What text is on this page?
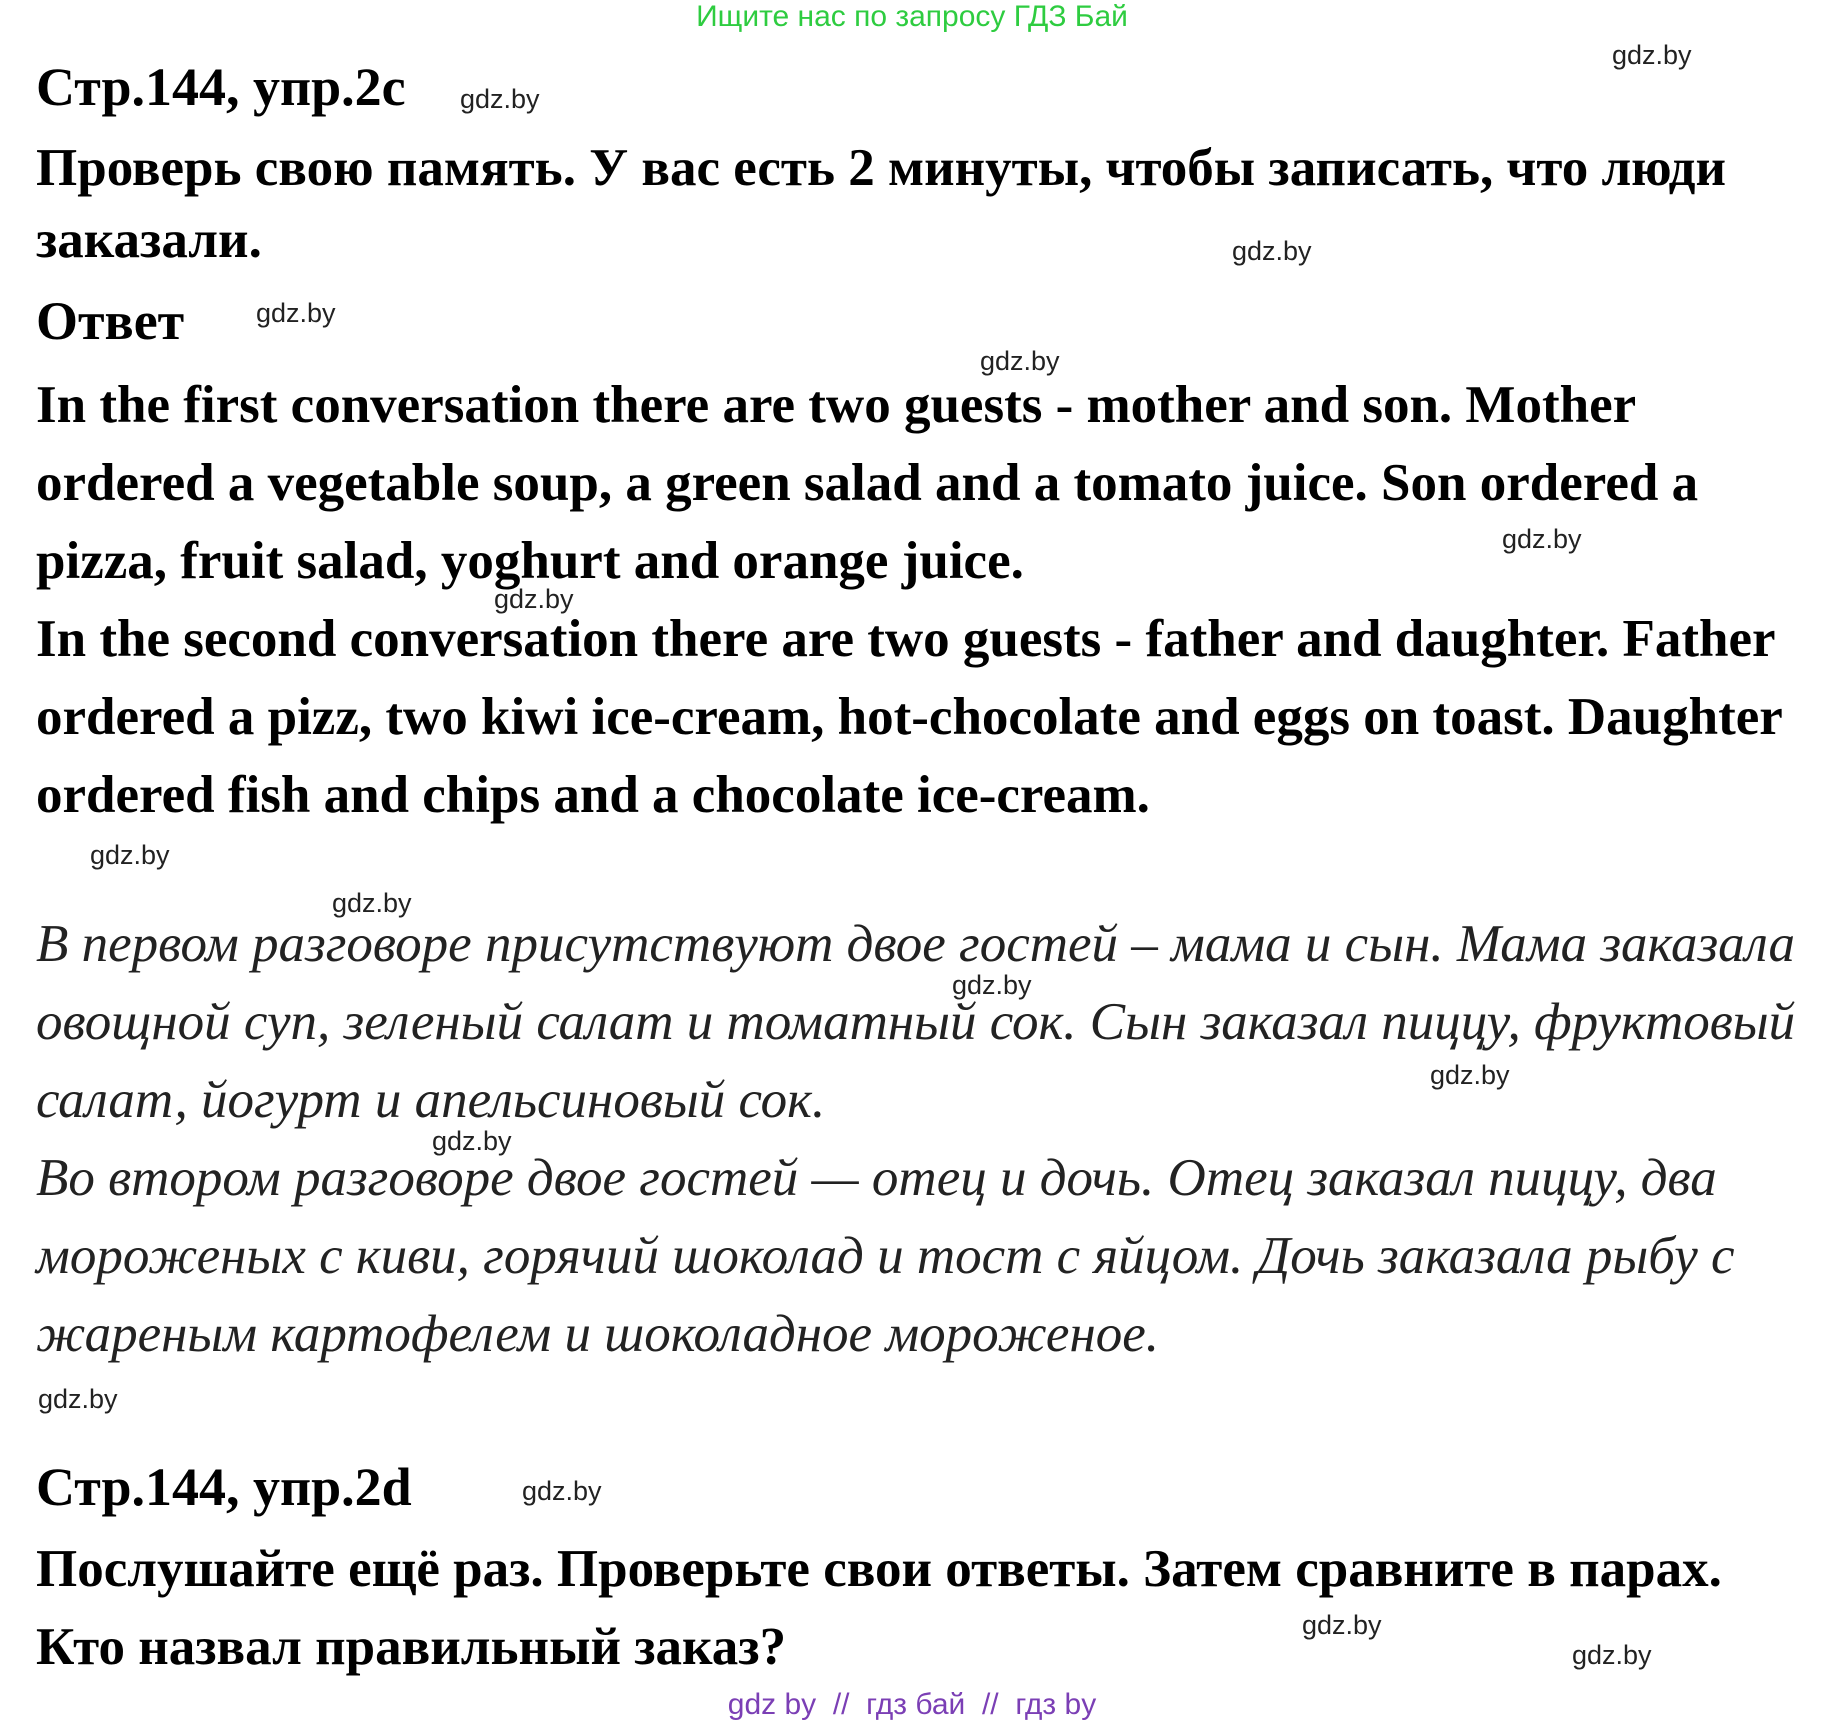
Ищите нас по запросу ГДЗ Бай
Стр.144, упр.2с

Проверь свою память. У вас есть 2 минуты, чтобы записать, что люди заказали.

Ответ

In the first conversation there are two guests - mother and son. Mother ordered a vegetable soup, a green salad and a tomato juice. Son ordered a pizza, fruit salad, yoghurt and orange juice.

In the second conversation there are two guests - father and daughter. Father ordered a pizz, two kiwi ice-cream, hot-chocolate and eggs on toast. Daughter ordered fish and chips and a chocolate ice-cream.

В первом разговоре присутствуют двое гостей – мама и сын. Мама заказала овощной суп, зеленый салат и томатный сок. Сын заказал пиццу, фруктовый салат, йогурт и апельсиновый сок.

Во втором разговоре двое гостей — отец и дочь. Отец заказал пиццу, два мороженых с киви, горячий шоколад и тост с яйцом. Дочь заказала рыбу с жареным картофелем и шоколадное мороженое.

Стр.144, упр.2d

Послушайте ещё раз. Проверьте свои ответы. Затем сравните в парах. Кто назвал правильный заказ?

gdz.by
gdz.by
gdz.by
gdz.by
gdz.by
gdz.by
gdz.by
gdz.by
gdz.by
gdz.by
gdz.by
gdz.by
gdz.by
gdz.by
gdz.by
gdz.by
gdz by  //  гдз бай  //  гдз by
